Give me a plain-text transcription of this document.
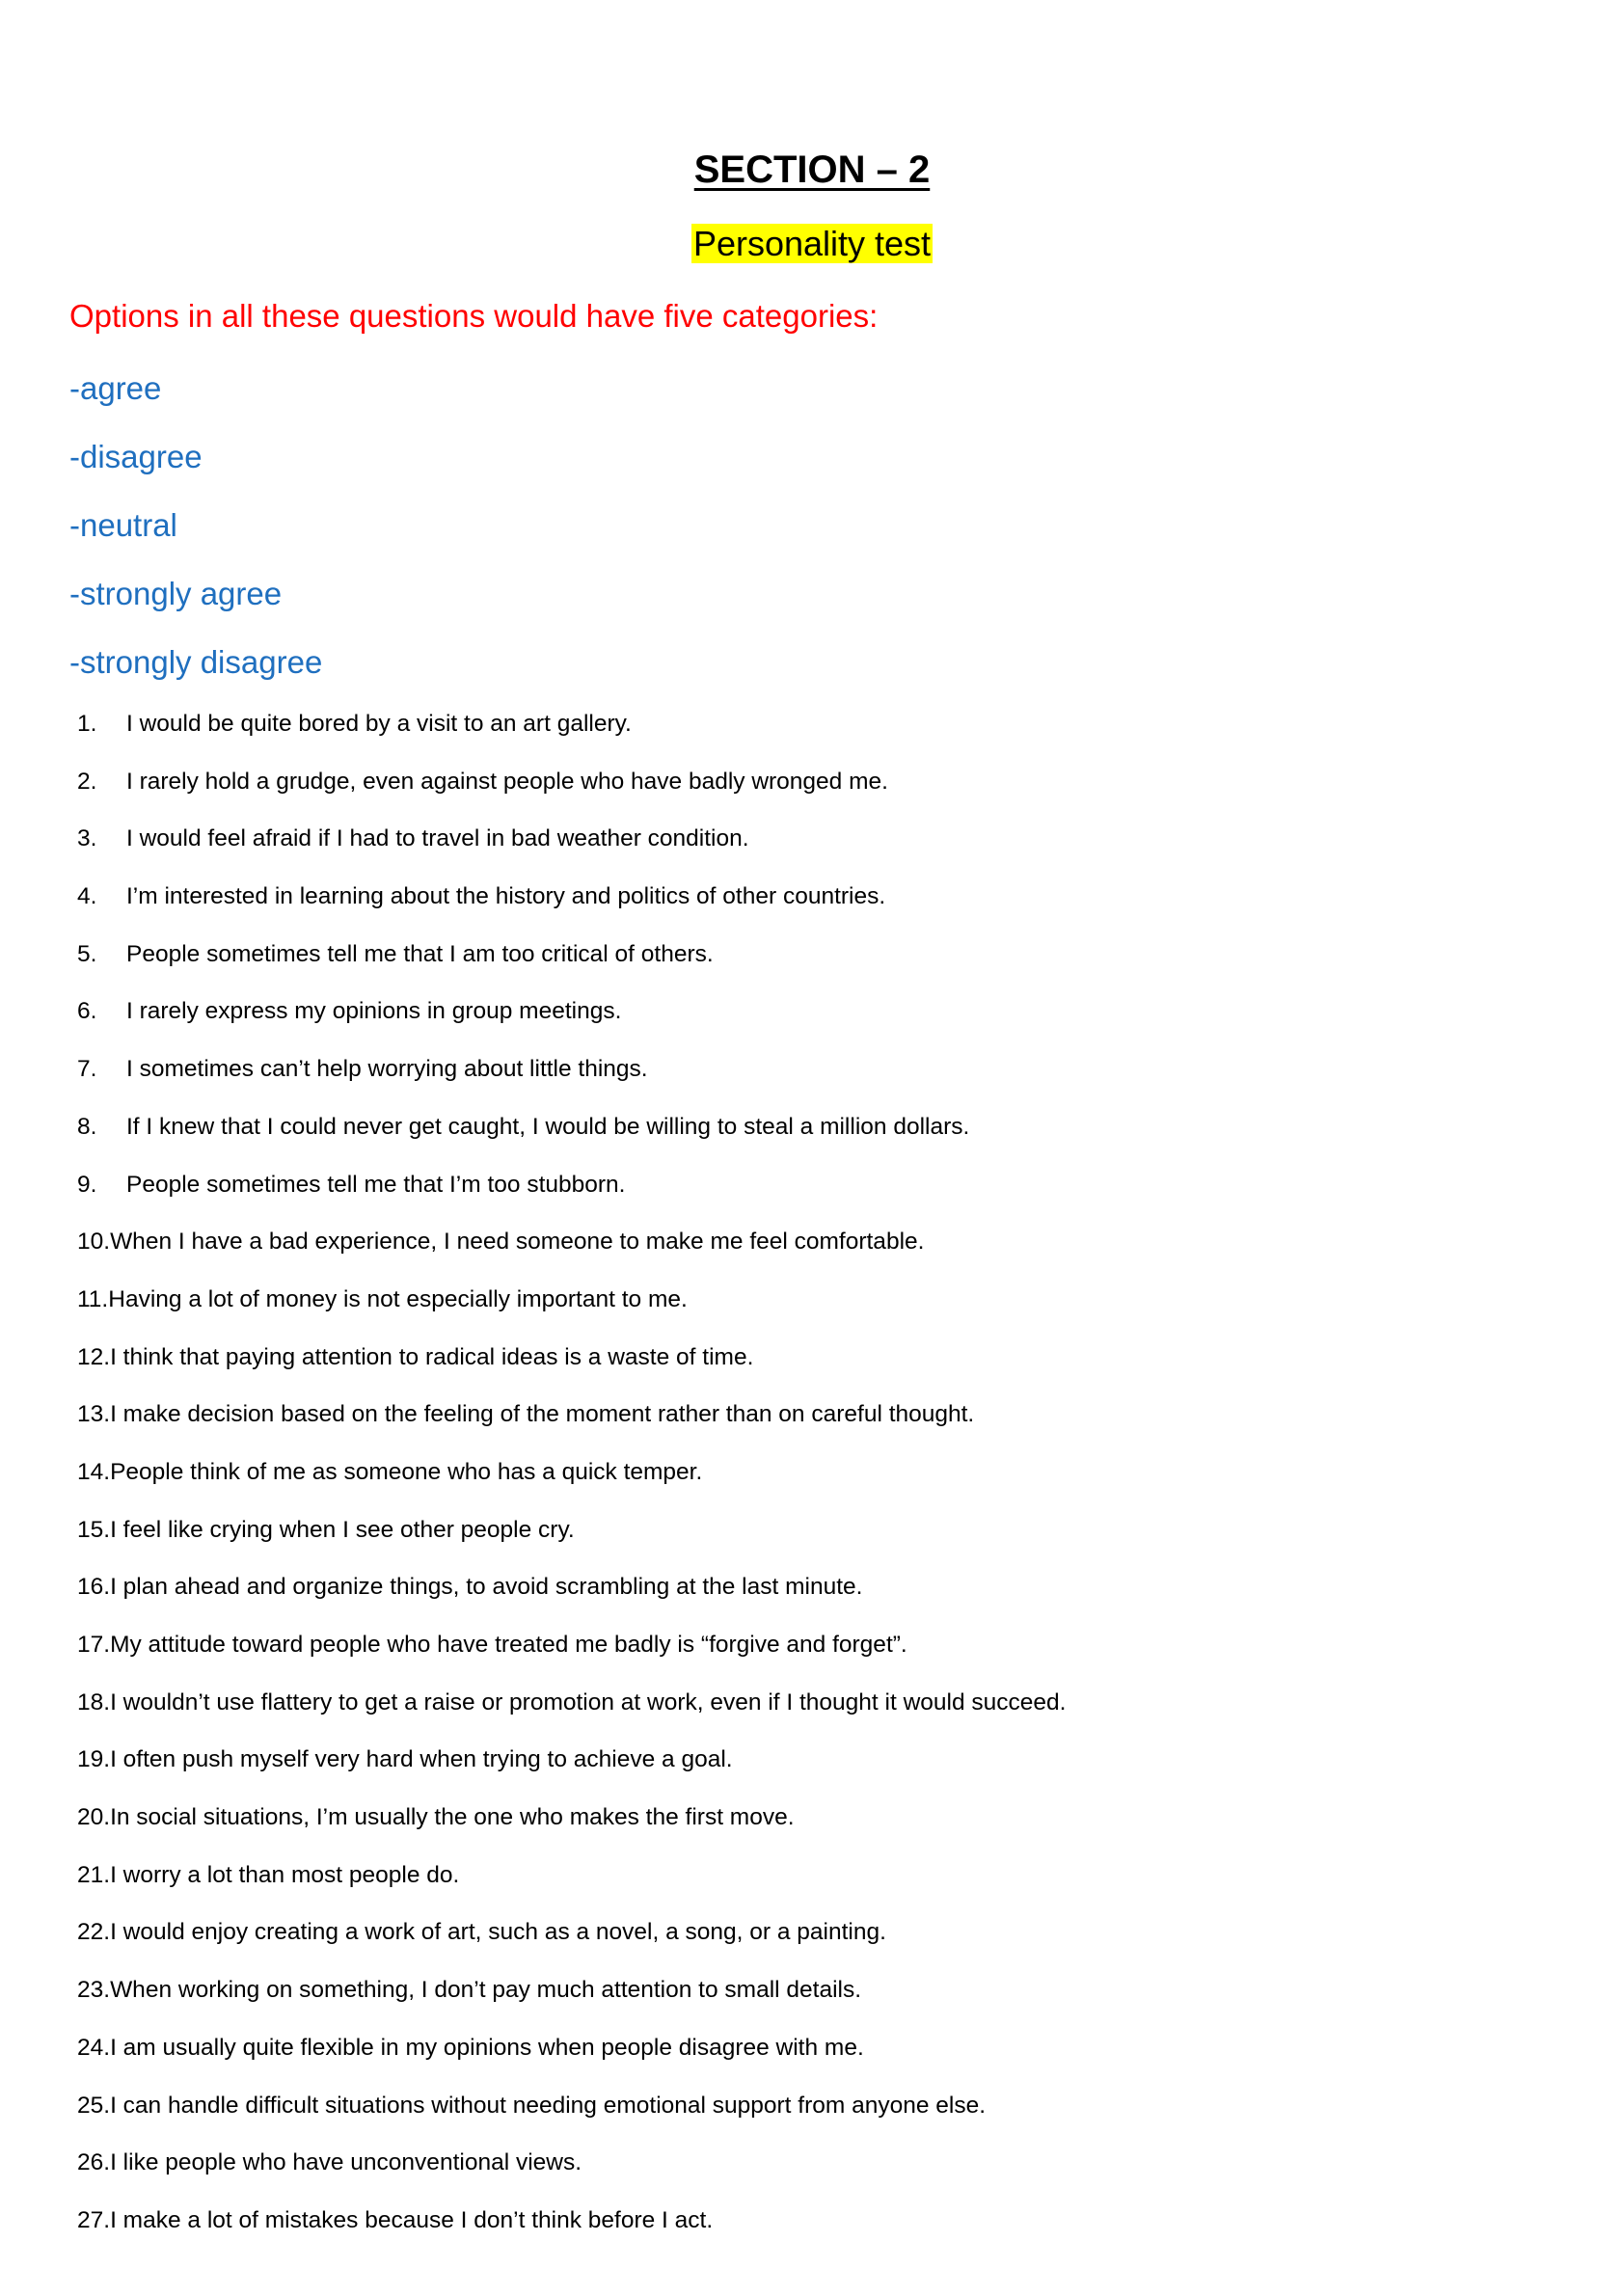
SECTION – 2
Personality test
Options in all these questions would have five categories:
-agree
-disagree
-neutral
-strongly agree
-strongly disagree
1.	I would be quite bored by a visit to an art gallery.
2.	I rarely hold a grudge, even against people who have badly wronged me.
3.	I would feel afraid if I had to travel in bad weather condition.
4.	I’m interested in learning about the history and politics of other countries.
5.	People sometimes tell me that I am too critical of others.
6.	I rarely express my opinions in group meetings.
7.	I sometimes can’t help worrying about little things.
8.	If I knew that I could never get caught, I would be willing to steal a million dollars.
9.	People sometimes tell me that I’m too stubborn.
10. When I have a bad experience, I need someone to make me feel comfortable.
11. Having a lot of money is not especially important to me.
12. I think that paying attention to radical ideas is a waste of time.
13. I make decision based on the feeling of the moment rather than on careful thought.
14. People think of me as someone who has a quick temper.
15. I feel like crying when I see other people cry.
16. I plan ahead and organize things, to avoid scrambling at the last minute.
17. My attitude toward people who have treated me badly is “forgive and forget”.
18. I wouldn’t use flattery to get a raise or promotion at work, even if I thought it would succeed.
19. I often push myself very hard when trying to achieve a goal.
20. In social situations, I’m usually the one who makes the first move.
21. I worry a lot than most people do.
22. I would enjoy creating a work of art, such as a novel, a song, or a painting.
23. When working on something, I don’t pay much attention to small details.
24. I am usually quite flexible in my opinions when people disagree with me.
25. I can handle difficult situations without needing emotional support from anyone else.
26. I like people who have unconventional views.
27. I make a lot of mistakes because I don’t think before I act.
